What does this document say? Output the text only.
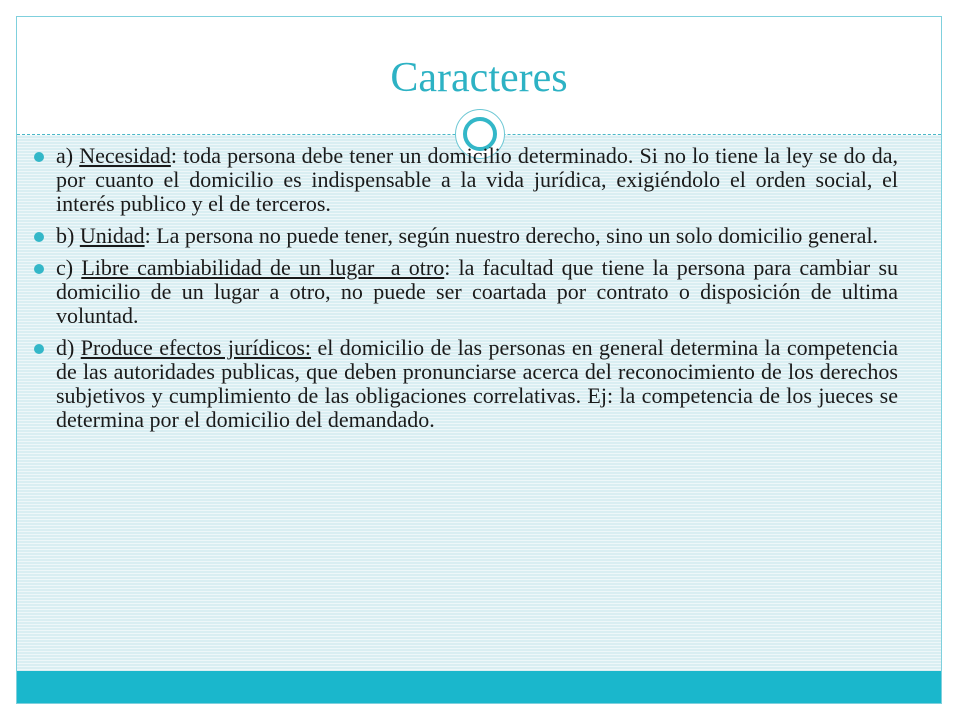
Caracteres
a) Necesidad: toda persona debe tener un domicilio determinado. Si no lo tiene la ley se do da, por cuanto el domicilio es indispensable a la vida jurídica, exigiéndolo el orden social, el interés publico y el de terceros.
b) Unidad: La persona no puede tener, según nuestro derecho, sino un solo domicilio general.
c) Libre cambiabilidad de un lugar  a otro: la facultad que tiene la persona para cambiar su domicilio de un lugar a otro, no puede ser coartada por contrato o disposición de ultima voluntad.
d) Produce efectos jurídicos: el domicilio de las personas en general determina la competencia de las autoridades publicas, que deben pronunciarse acerca del reconocimiento de los derechos subjetivos y cumplimiento de las obligaciones correlativas. Ej: la competencia de los jueces se determina por el domicilio del demandado.
